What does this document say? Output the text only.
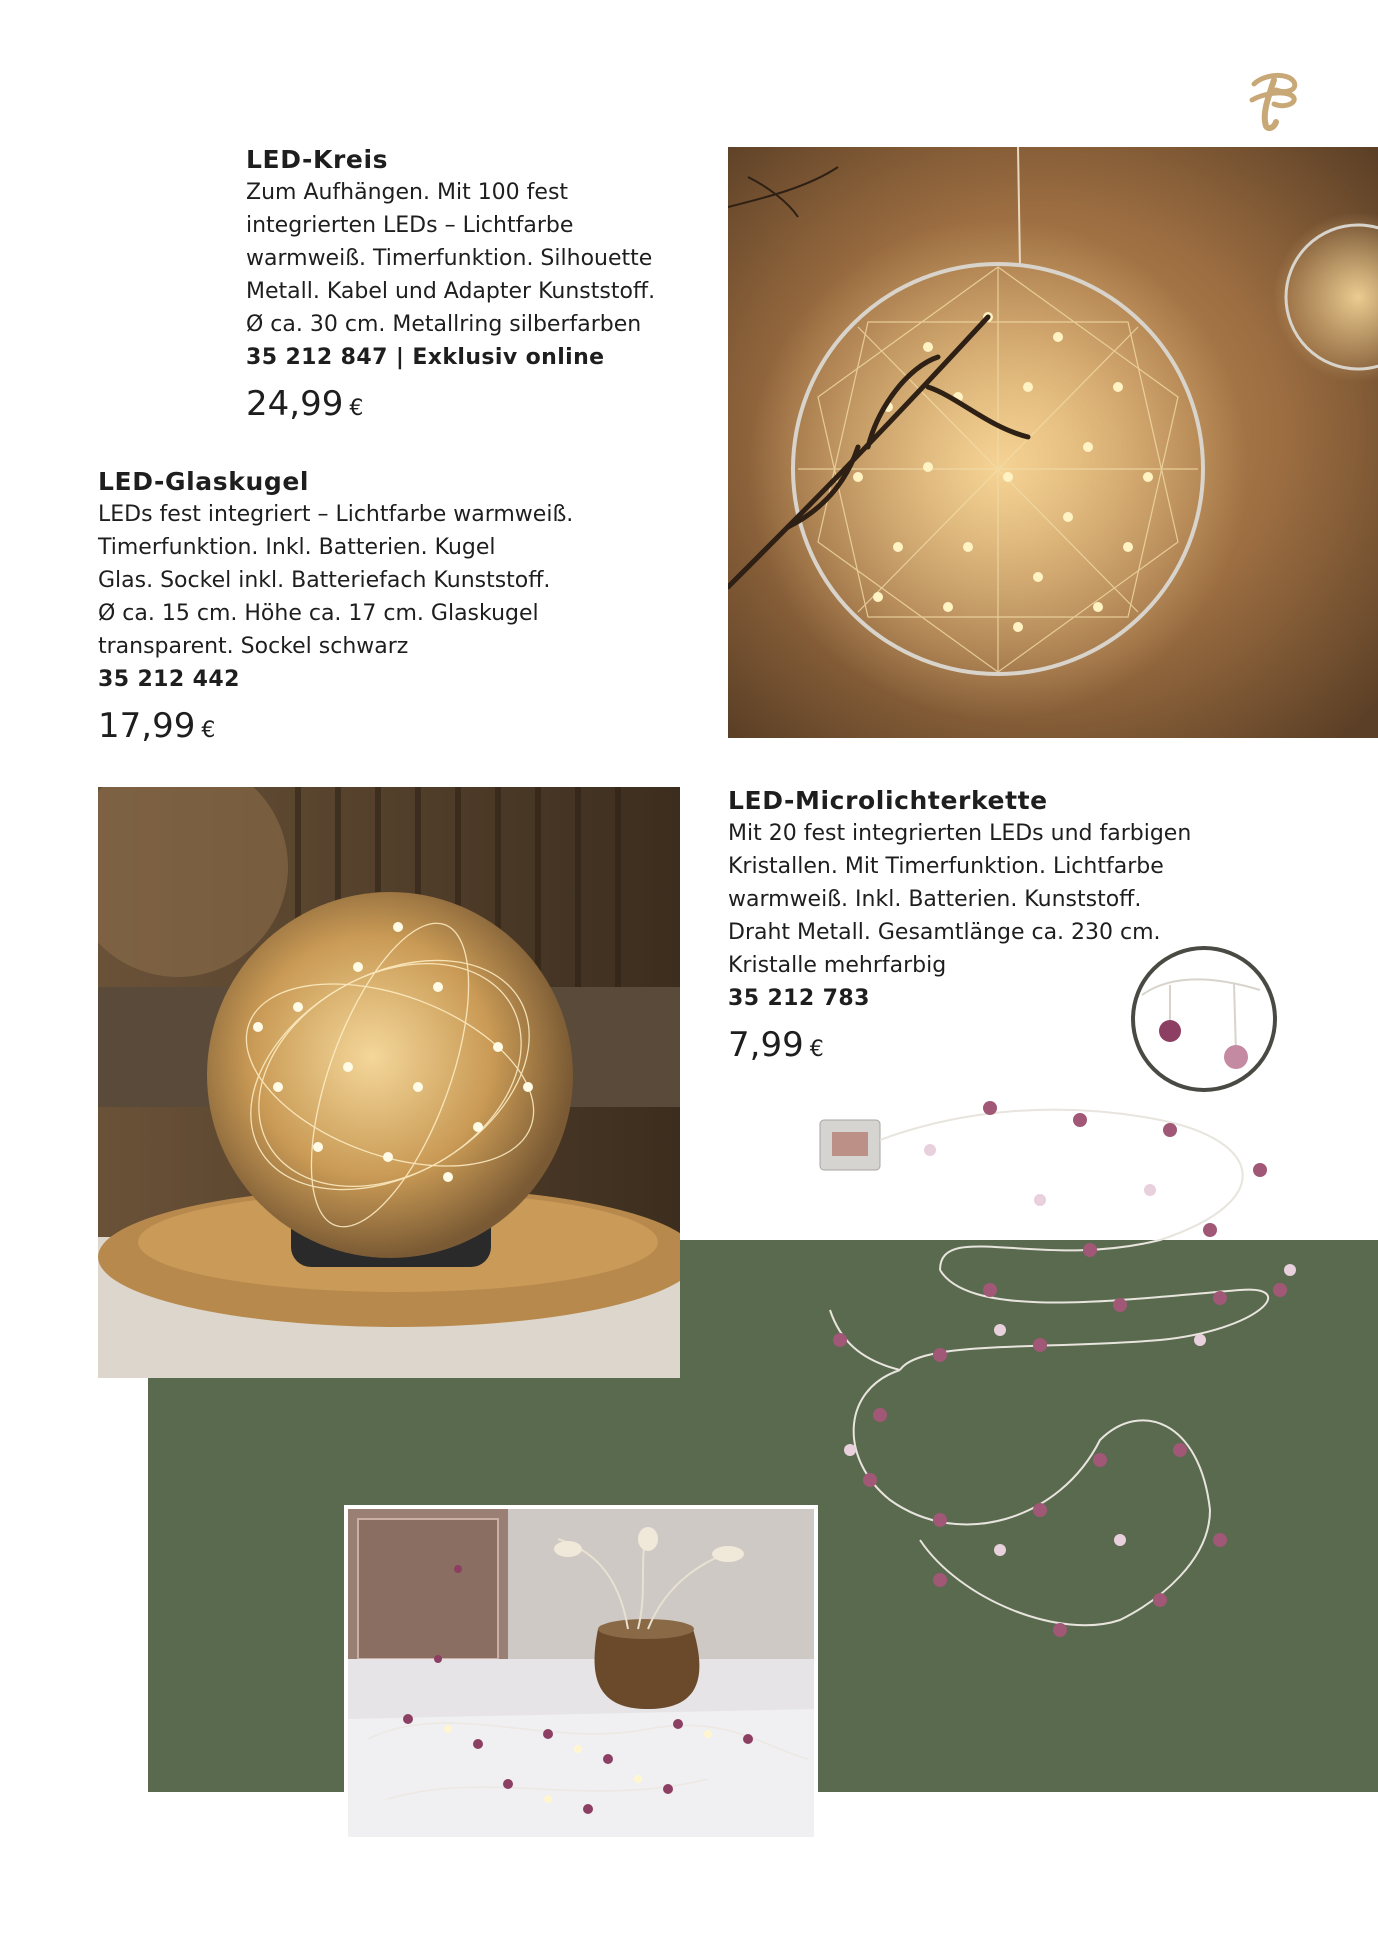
LED-Kreis

Zum Aufhängen. Mit 100 fest
integrierten LEDs – Lichtfarbe
warmweiß. Timerfunktion. Silhouette
Metall. Kabel und Adapter Kunststoff.
Ø ca. 30 cm. Metallring silberfarben

35 212 847 | Exklusiv online

24,99 €
LED-Glaskugel

LEDs fest integriert – Lichtfarbe warmweiß.
Timerfunktion. Inkl. Batterien. Kugel
Glas. Sockel inkl. Batteriefach Kunststoff.
Ø ca. 15 cm. Höhe ca. 17 cm. Glaskugel
transparent. Sockel schwarz

35 212 442

17,99 €
LED-Microlichterkette

Mit 20 fest integrierten LEDs und farbigen
Kristallen. Mit Timerfunktion. Lichtfarbe
warmweiß. Inkl. Batterien. Kunststoff.
Draht Metall. Gesamtlänge ca. 230 cm.
Kristalle mehrfarbig

35 212 783

7,99 €
